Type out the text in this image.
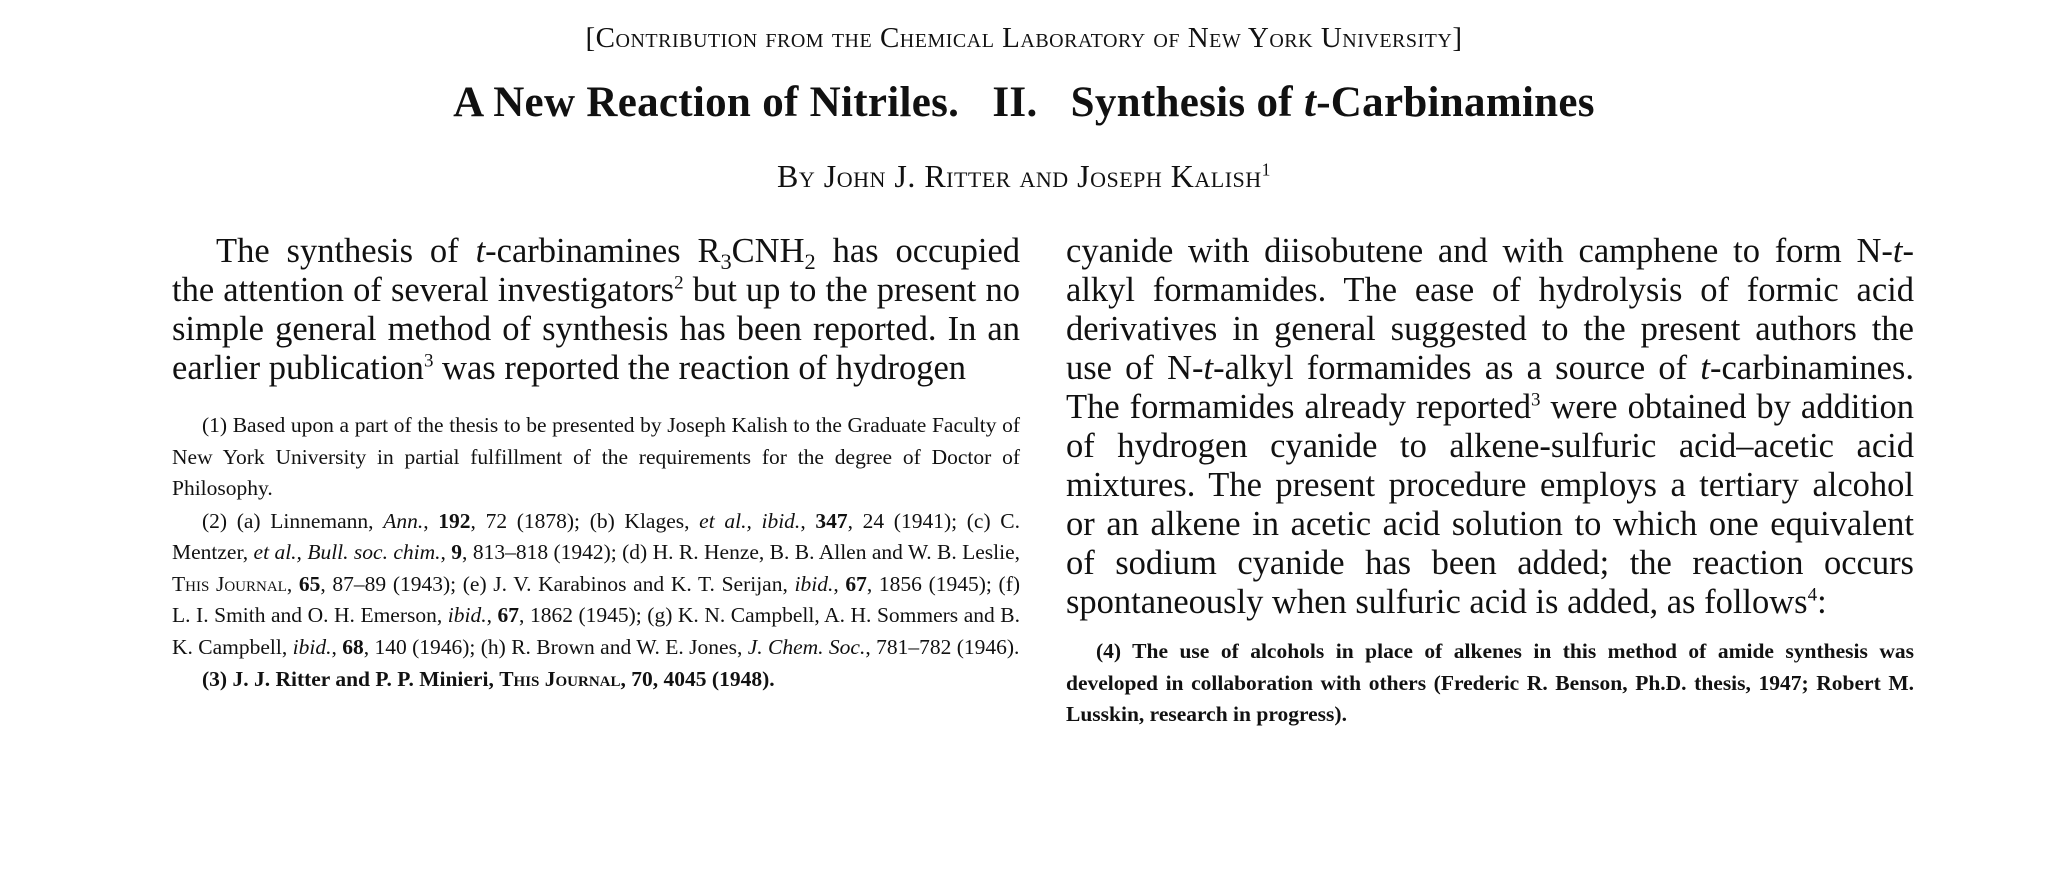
[Contribution from the Chemical Laboratory of New York University]
A New Reaction of Nitriles.   II.   Synthesis of t-Carbinamines
By John J. Ritter and Joseph Kalish$^1$

The synthesis of t-carbinamines $R_3CNH_2$ has occupied the attention of several investigators$^2$ but up to the present no simple general method of synthesis has been reported. In an earlier publication$^3$ was reported the reaction of hydrogen

(1) Based upon a part of the thesis to be presented by Joseph Kalish to the Graduate Faculty of New York University in partial fulfillment of the requirements for the degree of Doctor of Philosophy.

(2) (a) Linnemann, Ann., 192, 72 (1878); (b) Klages, et al., ibid., 347, 24 (1941); (c) C. Mentzer, et al., Bull. soc. chim., 9, 813–818 (1942); (d) H. R. Henze, B. B. Allen and W. B. Leslie, This Journal, 65, 87–89 (1943); (e) J. V. Karabinos and K. T. Serijan, ibid., 67, 1856 (1945); (f) L. I. Smith and O. H. Emerson, ibid., 67, 1862 (1945); (g) K. N. Campbell, A. H. Sommers and B. K. Campbell, ibid., 68, 140 (1946); (h) R. Brown and W. E. Jones, J. Chem. Soc., 781–782 (1946).

(3) J. J. Ritter and P. P. Minieri, This Journal, 70, 4045 (1948).

cyanide with diisobutene and with camphene to form N-t-alkyl formamides. The ease of hydrolysis of formic acid derivatives in general suggested to the present authors the use of N-t-alkyl formamides as a source of t-carbinamines. The formamides already reported$^3$ were obtained by addition of hydrogen cyanide to alkene-sulfuric acid–acetic acid mixtures. The present procedure employs a tertiary alcohol or an alkene in acetic acid solution to which one equivalent of sodium cyanide has been added; the reaction occurs spontaneously when sulfuric acid is added, as follows$^4$:

(4) The use of alcohols in place of alkenes in this method of amide synthesis was developed in collaboration with others (Frederic R. Benson, Ph.D. thesis, 1947; Robert M. Lusskin, research in progress).
